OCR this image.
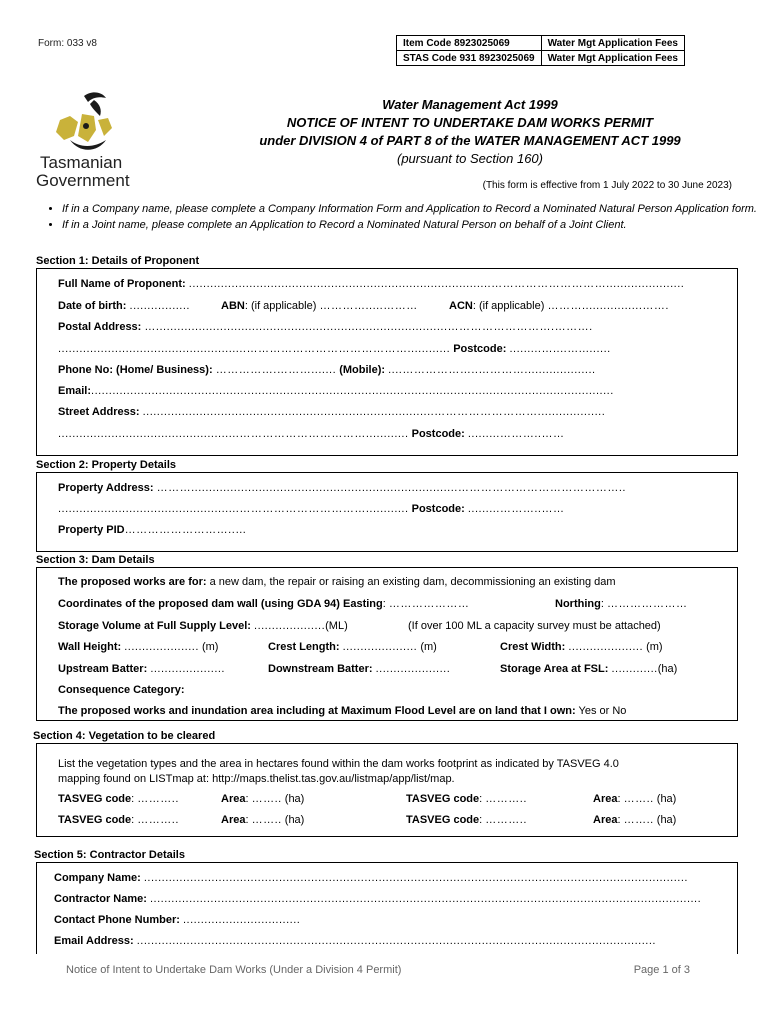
Form: 033 v8	Item Code 8923025069	Water Mgt Application Fees
STAS Code 931 8923025069	Water Mgt Application Fees
Tasmanian
Government
Water Management Act 1999
NOTICE OF INTENT TO UNDERTAKE DAM WORKS PERMIT
under DIVISION 4 of PART 8 of the WATER MANAGEMENT ACT 1999
(pursuant to Section 160)
(This form is effective from 1 July 2022 to 30 June 2023)
• If in a Company name, please complete a Company Information Form and Application to Record a Nominated Natural Person Application form.
• If in a Joint name, please complete an Application to Record a Nominated Natural Person on behalf of a Joint Client.
Section 1: Details of Proponent
Full Name of Proponent: .....................................................................................…………………………......................
Date of birth: .................	ABN: (if applicable) ………….....………	ACN: (if applicable) ……….................…….
Postal Address: …..................................................................................……………………….……….
.....................................................……………………………………............ Postcode: .........…....….........
Phone No: (Home/ Business): …………….………....... (Mobile): ....………………..…………....................
Email:...................................................................................................................................................
Street Address: ..................................................................................………………………...................
...................................................……………………………............ Postcode: .........………..……
Section 2: Property Details
Property Address: ………...........................................................................……………………………………..
...................................................……………………………............ Postcode: .........………..……
Property PID………………………..…
Section 3: Dam Details
The proposed works are for: a new dam, the repair or raising an existing dam, decommissioning an existing dam
Coordinates of the proposed dam wall (using GDA 94) Easting: …………………	Northing: …………………
Storage Volume at Full Supply Level: ....................(ML)	(If over 100 ML a capacity survey must be attached)
Wall Height: ..................... (m)	Crest Length: ..................... (m)	Crest Width: ..................... (m)
Upstream Batter: .....................	Downstream Batter: .....................	Storage Area at FSL: .............(ha)
Consequence Category:
The proposed works and inundation area including at Maximum Flood Level are on land that I own: Yes or No
Section 4: Vegetation to be cleared
List the vegetation types and the area in hectares found within the dam works footprint as indicated by TASVEG 4.0
mapping found on LISTmap at: http://maps.thelist.tas.gov.au/listmap/app/list/map.
TASVEG code: ………..	Area: …….. (ha)	TASVEG code: ………..	Area: …….. (ha)
TASVEG code: ………..	Area: …….. (ha)	TASVEG code: ………..	Area: …….. (ha)
Section 5: Contractor Details
Company Name: .........................................................................................................................................................
Contractor Name: ...........................................................................................................................................................
Contact Phone Number: .................................
Email Address: ..................................................................................................................................................
Notice of Intent to Undertake Dam Works (Under a Division 4 Permit)	Page 1 of 3
